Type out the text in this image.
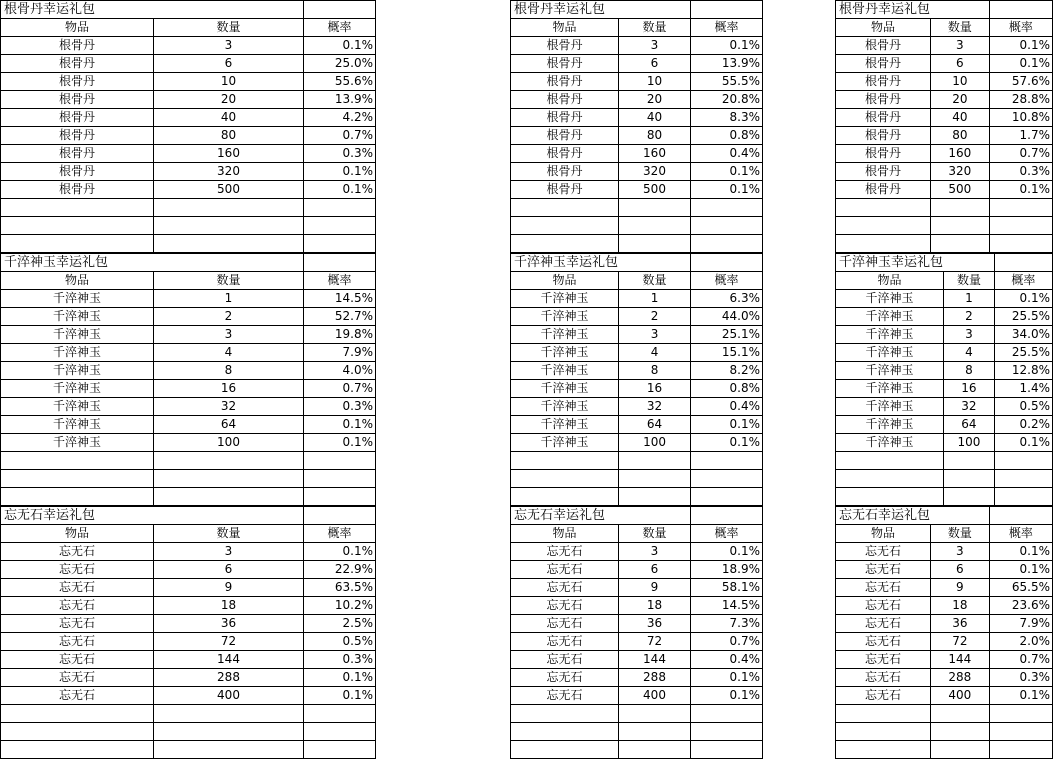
根骨丹幸运礼包		
物品	数量	概率
根骨丹	3	0.1%
根骨丹	6	25.0%
根骨丹	10	55.6%
根骨丹	20	13.9%
根骨丹	40	4.2%
根骨丹	80	0.7%
根骨丹	160	0.3%
根骨丹	320	0.1%
根骨丹	500	0.1%

根骨丹幸运礼包		
物品	数量	概率
根骨丹	3	0.1%
根骨丹	6	13.9%
根骨丹	10	55.5%
根骨丹	20	20.8%
根骨丹	40	8.3%
根骨丹	80	0.8%
根骨丹	160	0.4%
根骨丹	320	0.1%
根骨丹	500	0.1%

根骨丹幸运礼包		
物品	数量	概率
根骨丹	3	0.1%
根骨丹	6	0.1%
根骨丹	10	57.6%
根骨丹	20	28.8%
根骨丹	40	10.8%
根骨丹	80	1.7%
根骨丹	160	0.7%
根骨丹	320	0.3%
根骨丹	500	0.1%

千淬神玉幸运礼包		
物品	数量	概率
千淬神玉	1	14.5%
千淬神玉	2	52.7%
千淬神玉	3	19.8%
千淬神玉	4	7.9%
千淬神玉	8	4.0%
千淬神玉	16	0.7%
千淬神玉	32	0.3%
千淬神玉	64	0.1%
千淬神玉	100	0.1%

千淬神玉幸运礼包		
物品	数量	概率
千淬神玉	1	6.3%
千淬神玉	2	44.0%
千淬神玉	3	25.1%
千淬神玉	4	15.1%
千淬神玉	8	8.2%
千淬神玉	16	0.8%
千淬神玉	32	0.4%
千淬神玉	64	0.1%
千淬神玉	100	0.1%

千淬神玉幸运礼包		
物品	数量	概率
千淬神玉	1	0.1%
千淬神玉	2	25.5%
千淬神玉	3	34.0%
千淬神玉	4	25.5%
千淬神玉	8	12.8%
千淬神玉	16	1.4%
千淬神玉	32	0.5%
千淬神玉	64	0.2%
千淬神玉	100	0.1%

忘无石幸运礼包		
物品	数量	概率
忘无石	3	0.1%
忘无石	6	22.9%
忘无石	9	63.5%
忘无石	18	10.2%
忘无石	36	2.5%
忘无石	72	0.5%
忘无石	144	0.3%
忘无石	288	0.1%
忘无石	400	0.1%

忘无石幸运礼包		
物品	数量	概率
忘无石	3	0.1%
忘无石	6	18.9%
忘无石	9	58.1%
忘无石	18	14.5%
忘无石	36	7.3%
忘无石	72	0.7%
忘无石	144	0.4%
忘无石	288	0.1%
忘无石	400	0.1%

忘无石幸运礼包		
物品	数量	概率
忘无石	3	0.1%
忘无石	6	0.1%
忘无石	9	65.5%
忘无石	18	23.6%
忘无石	36	7.9%
忘无石	72	2.0%
忘无石	144	0.7%
忘无石	288	0.3%
忘无石	400	0.1%
